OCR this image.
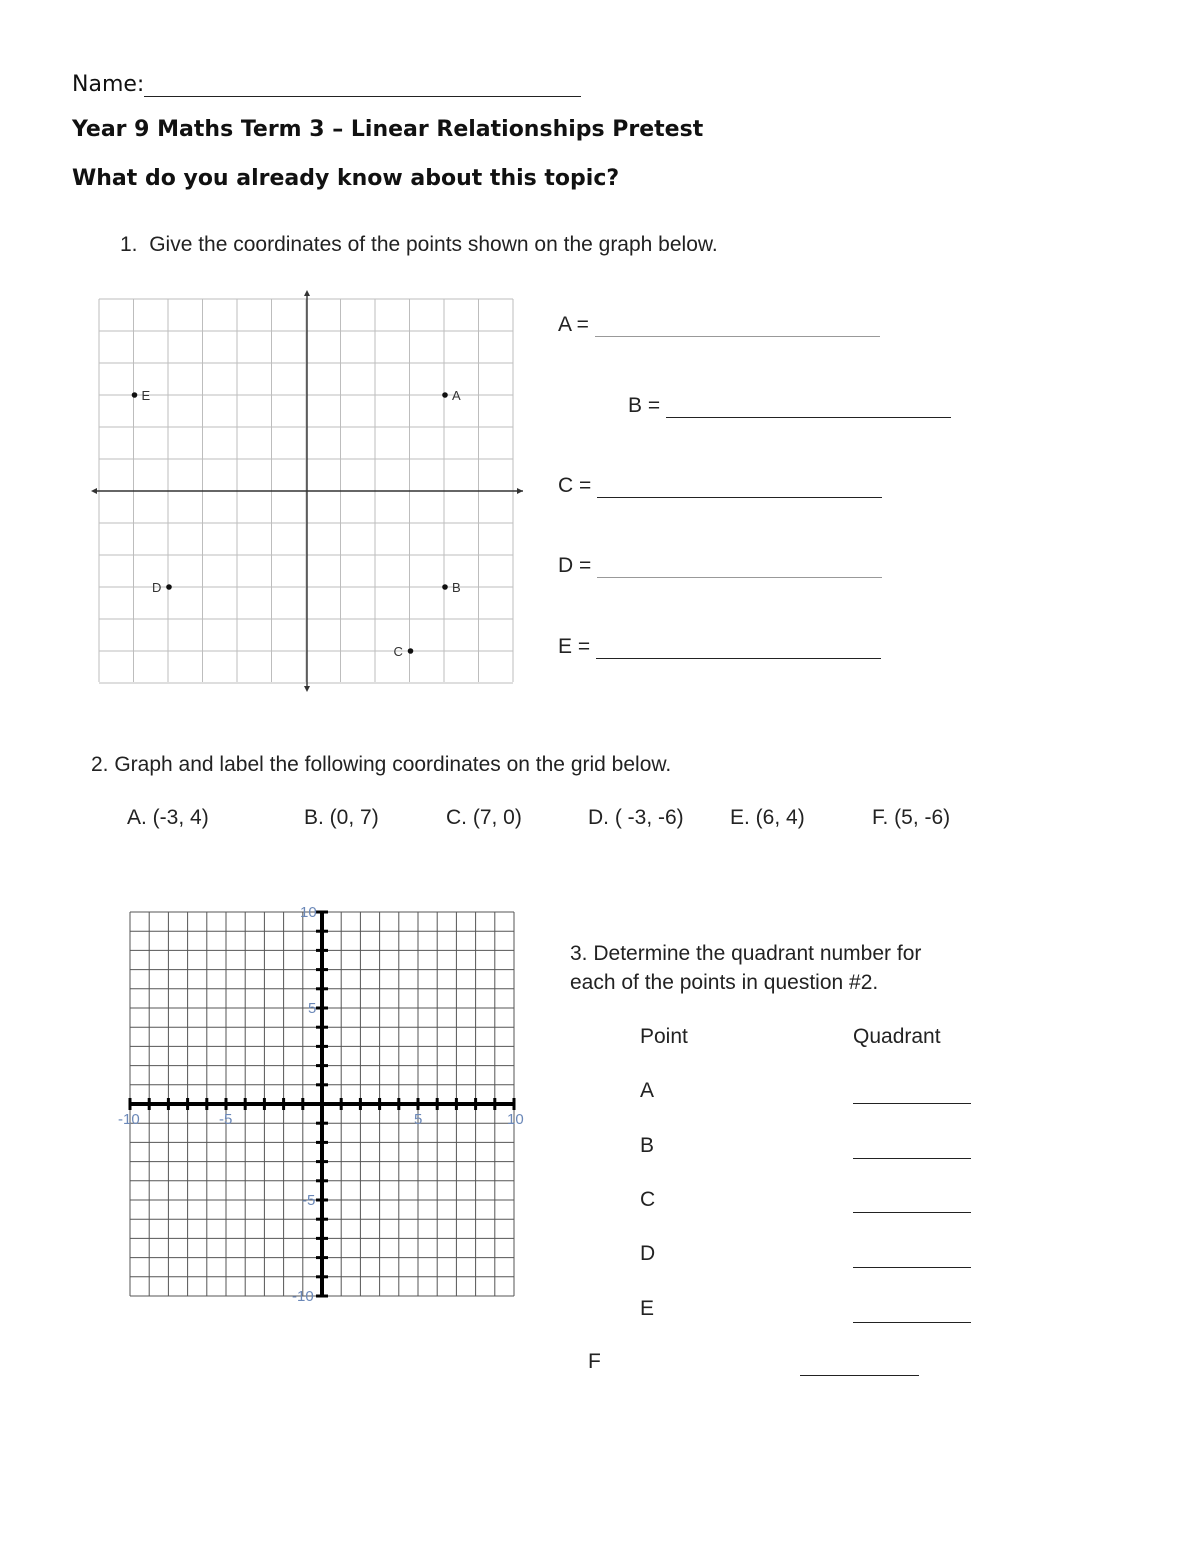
Name:
Year 9 Maths Term 3 – Linear Relationships Pretest
What do you already know about this topic?
1. Give the coordinates of the points shown on the graph below.
A
B
C
D
E
A =
B =
C =
D =
E =
2. Graph and label the following coordinates on the grid below.
A. (-3, 4)	B. (0, 7)	C. (7, 0)	D. ( -3, -6) E. (6, 4)	F. (5, -6)
-10	-5	5	10
10
5
-5
-10
3. Determine the quadrant number for
each of the points in question #2.
Point	Quadrant
A
B
C
D
E
F
